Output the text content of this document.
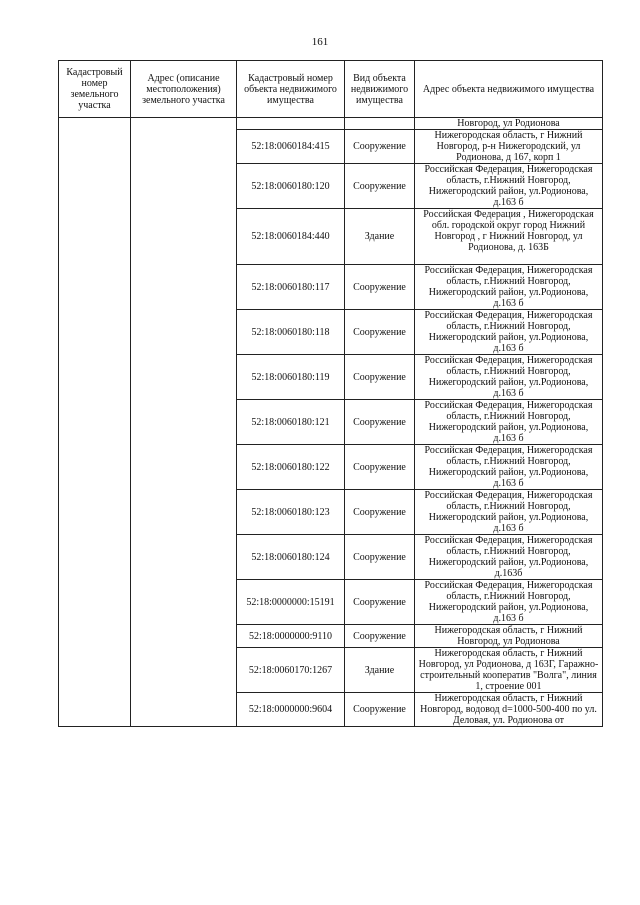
161
Кадастровый номер земельного участка	Адрес (описание местоположения) земельного участка	Кадастровый номер объекта недвижимого имущества	Вид объекта недвижимого имущества	Адрес объекта недвижимого имущества
				Новгород, ул Родионова
		52:18:0060184:415	Сооружение	Нижегородская область, г Нижний Новгород, р-н Нижегородский, ул Родионова, д 167, корп 1
		52:18:0060180:120	Сооружение	Российская Федерация, Нижегородская область, г.Нижний Новгород, Нижегородский район, ул.Родионова, д.163 б
		52:18:0060184:440	Здание	Российская Федерация , Нижегородская обл. городской округ город Нижний Новгород , г Нижний Новгород, ул Родионова, д. 163Б
		52:18:0060180:117	Сооружение	Российская Федерация, Нижегородская область, г.Нижний Новгород, Нижегородский район, ул.Родионова, д.163 б
		52:18:0060180:118	Сооружение	Российская Федерация, Нижегородская область, г.Нижний Новгород, Нижегородский район, ул.Родионова, д.163 б
		52:18:0060180:119	Сооружение	Российская Федерация, Нижегородская область, г.Нижний Новгород, Нижегородский район, ул.Родионова, д.163 б
		52:18:0060180:121	Сооружение	Российская Федерация, Нижегородская область, г.Нижний Новгород, Нижегородский район, ул.Родионова, д.163 б
		52:18:0060180:122	Сооружение	Российская Федерация, Нижегородская область, г.Нижний Новгород, Нижегородский район, ул.Родионова, д.163 б
		52:18:0060180:123	Сооружение	Российская Федерация, Нижегородская область, г.Нижний Новгород, Нижегородский район, ул.Родионова, д.163 б
		52:18:0060180:124	Сооружение	Российская Федерация, Нижегородская область, г.Нижний Новгород, Нижегородский район, ул.Родионова, д.163б
		52:18:0000000:15191	Сооружение	Российская Федерация, Нижегородская область, г.Нижний Новгород, Нижегородский район, ул.Родионова, д.163 б
		52:18:0000000:9110	Сооружение	Нижегородская область, г Нижний Новгород, ул Родионова
		52:18:0060170:1267	Здание	Нижегородская область, г Нижний Новгород, ул Родионова, д 163Г, Гаражно-строительный кооператив "Волга", линия 1, строение 001
		52:18:0000000:9604	Сооружение	Нижегородская область, г Нижний Новгород, водовод d=1000-500-400 по ул. Деловая, ул. Родионова от
